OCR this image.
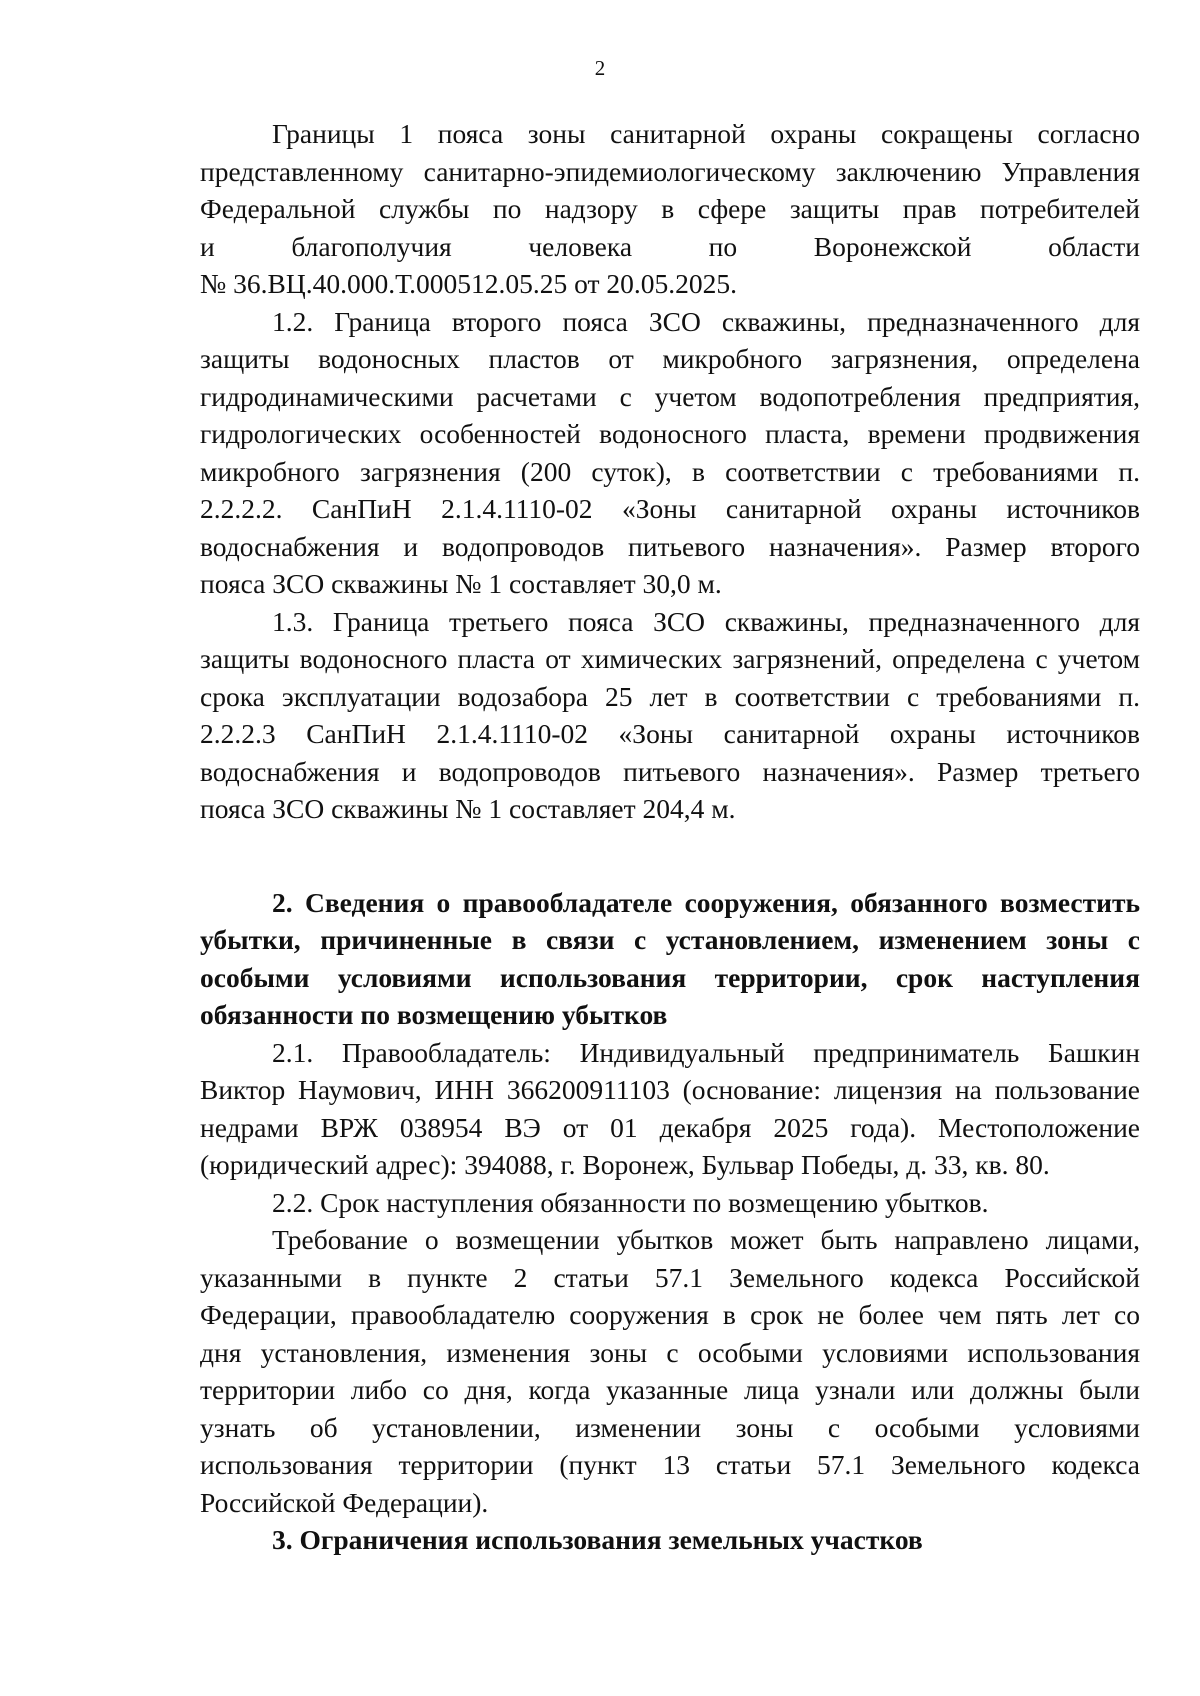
2
Границы 1 пояса зоны санитарной охраны сокращены согласно
представленному санитарно-эпидемиологическому заключению Управления
Федеральной службы по надзору в сфере защиты прав потребителей
и благополучия человека по Воронежской области
№ 36.ВЦ.40.000.Т.000512.05.25 от 20.05.2025.
1.2. Граница второго пояса ЗСО скважины, предназначенного для
защиты водоносных пластов от микробного загрязнения, определена
гидродинамическими расчетами с учетом водопотребления предприятия,
гидрологических особенностей водоносного пласта, времени продвижения
микробного загрязнения (200 суток), в соответствии с требованиями п.
2.2.2.2. СанПиН 2.1.4.1110-02 «Зоны санитарной охраны источников
водоснабжения и водопроводов питьевого назначения». Размер второго
пояса ЗСО скважины № 1 составляет 30,0 м.
1.3. Граница третьего пояса ЗСО скважины, предназначенного для
защиты водоносного пласта от химических загрязнений, определена с учетом
срока эксплуатации водозабора 25 лет в соответствии с требованиями п.
2.2.2.3 СанПиН 2.1.4.1110-02 «Зоны санитарной охраны источников
водоснабжения и водопроводов питьевого назначения». Размер третьего
пояса ЗСО скважины № 1 составляет 204,4 м.
2. Сведения о правообладателе сооружения, обязанного возместить
убытки, причиненные в связи с установлением, изменением зоны с
особыми условиями использования территории, срок наступления
обязанности по возмещению убытков
2.1. Правообладатель: Индивидуальный предприниматель Башкин
Виктор Наумович, ИНН 366200911103 (основание: лицензия на пользование
недрами ВРЖ 038954 ВЭ от 01 декабря 2025 года). Местоположение
(юридический адрес): 394088, г. Воронеж, Бульвар Победы, д. 33, кв. 80.
2.2. Срок наступления обязанности по возмещению убытков.
Требование о возмещении убытков может быть направлено лицами,
указанными в пункте 2 статьи 57.1 Земельного кодекса Российской
Федерации, правообладателю сооружения в срок не более чем пять лет со
дня установления, изменения зоны с особыми условиями использования
территории либо со дня, когда указанные лица узнали или должны были
узнать об установлении, изменении зоны с особыми условиями
использования территории (пункт 13 статьи 57.1 Земельного кодекса
Российской Федерации).
3. Ограничения использования земельных участков
